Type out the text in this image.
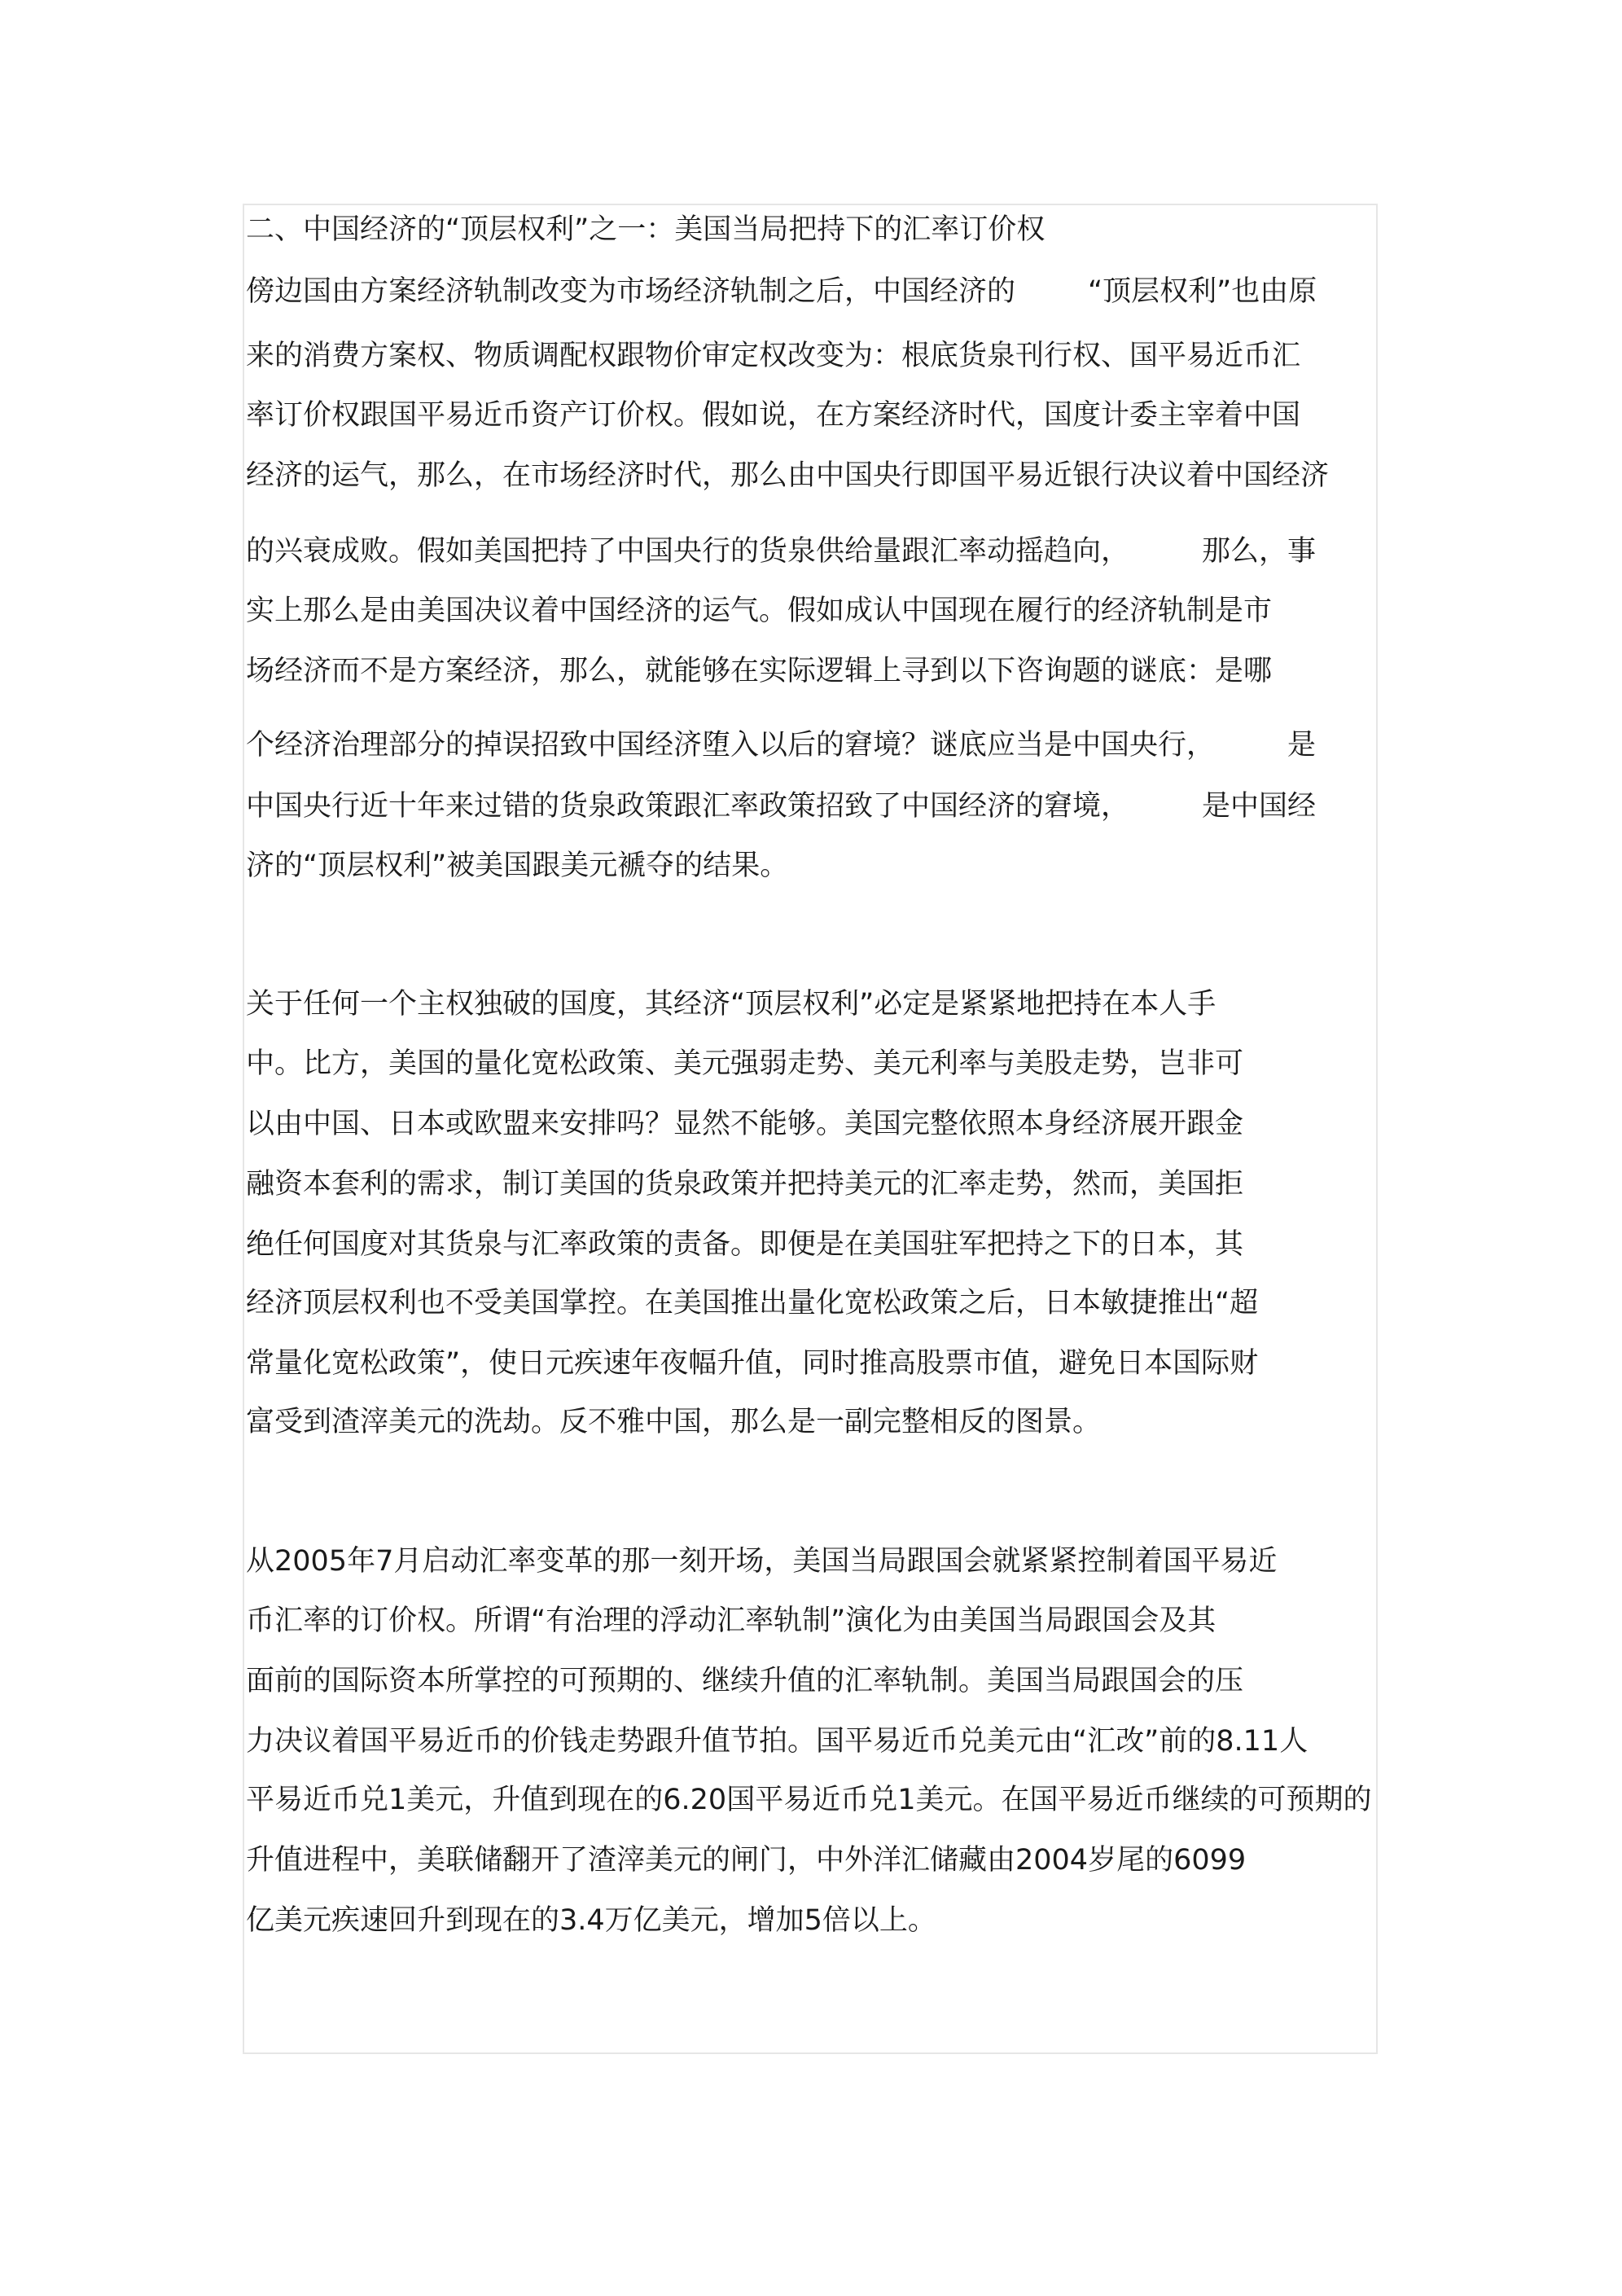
二、中国经济的“顶层权利”之一：美国当局把持下的汇率订价权
傍边国由方案经济轨制改变为市场经济轨制之后，中国经济的        “顶层权利”也由原
来的消费方案权、物质调配权跟物价审定权改变为：根底货泉刊行权、国平易近币汇
率订价权跟国平易近币资产订价权。假如说，在方案经济时代，国度计委主宰着中国
经济的运气，那么，在市场经济时代，那么由中国央行即国平易近银行决议着中国经济
的兴衰成败。假如美国把持了中国央行的货泉供给量跟汇率动摇趋向，        那么，事
实上那么是由美国决议着中国经济的运气。假如成认中国现在履行的经济轨制是市
场经济而不是方案经济，那么，就能够在实际逻辑上寻到以下咨询题的谜底：是哪
个经济治理部分的掉误招致中国经济堕入以后的窘境？谜底应当是中国央行，        是
中国央行近十年来过错的货泉政策跟汇率政策招致了中国经济的窘境，        是中国经
济的“顶层权利”被美国跟美元褫夺的结果。
关于任何一个主权独破的国度，其经济“顶层权利”必定是紧紧地把持在本人手
中。比方，美国的量化宽松政策、美元强弱走势、美元利率与美股走势，岂非可
以由中国、日本或欧盟来安排吗？显然不能够。美国完整依照本身经济展开跟金
融资本套利的需求，制订美国的货泉政策并把持美元的汇率走势，然而，美国拒
绝任何国度对其货泉与汇率政策的责备。即便是在美国驻军把持之下的日本，其
经济顶层权利也不受美国掌控。在美国推出量化宽松政策之后，日本敏捷推出“超
常量化宽松政策”，使日元疾速年夜幅升值，同时推高股票市值，避免日本国际财
富受到渣滓美元的洗劫。反不雅中国，那么是一副完整相反的图景。
从2005年7月启动汇率变革的那一刻开场，美国当局跟国会就紧紧控制着国平易近
币汇率的订价权。所谓“有治理的浮动汇率轨制”演化为由美国当局跟国会及其
面前的国际资本所掌控的可预期的、继续升值的汇率轨制。美国当局跟国会的压
力决议着国平易近币的价钱走势跟升值节拍。国平易近币兑美元由“汇改”前的8.11人
平易近币兑1美元，升值到现在的6.20国平易近币兑1美元。在国平易近币继续的可预期的
升值进程中，美联储翻开了渣滓美元的闸门，中外洋汇储藏由2004岁尾的6099
亿美元疾速回升到现在的3.4万亿美元，增加5倍以上。
